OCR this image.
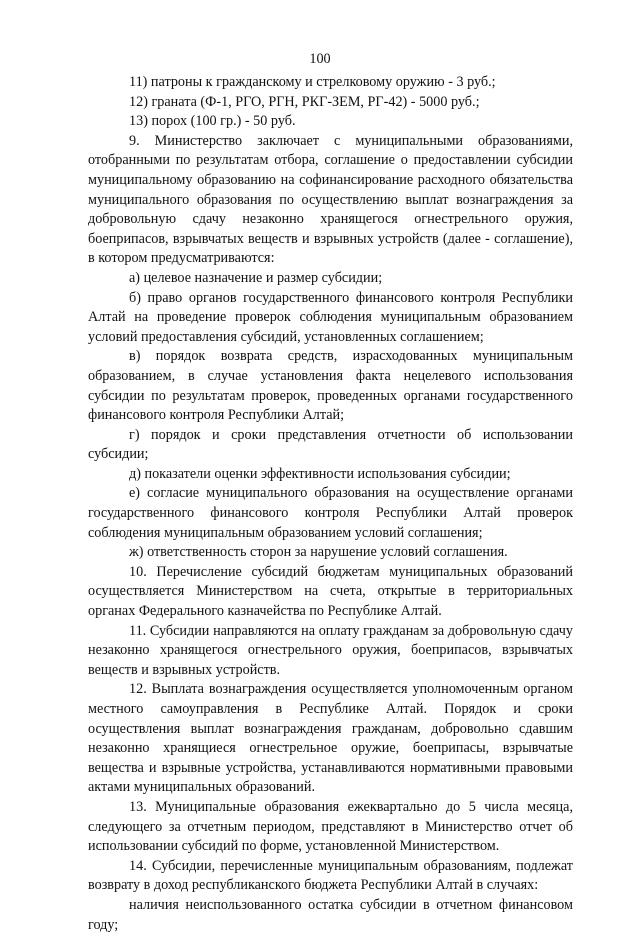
100

11) патроны к гражданскому и стрелковому оружию - 3 руб.;

12) граната (Ф-1, РГО, РГН, РКГ-ЗЕМ, РГ-42) - 5000 руб.;

13) порох (100 гр.) - 50 руб.

9. Министерство заключает с муниципальными образованиями, отобранными по результатам отбора, соглашение о предоставлении субсидии муниципальному образованию на софинансирование расходного обязательства муниципального образования по осуществлению выплат вознаграждения за добровольную сдачу незаконно хранящегося огнестрельного оружия, боеприпасов, взрывчатых веществ и взрывных устройств (далее - соглашение), в котором предусматриваются:

а) целевое назначение и размер субсидии;

б) право органов государственного финансового контроля Республики Алтай на проведение проверок соблюдения муниципальным образованием условий предоставления субсидий, установленных соглашением;

в) порядок возврата средств, израсходованных муниципальным образованием, в случае установления факта нецелевого использования субсидии по результатам проверок, проведенных органами государственного финансового контроля Республики Алтай;

г) порядок и сроки представления отчетности об использовании субсидии;

д) показатели оценки эффективности использования субсидии;

е) согласие муниципального образования на осуществление органами государственного финансового контроля Республики Алтай проверок соблюдения муниципальным образованием условий соглашения;

ж) ответственность сторон за нарушение условий соглашения.

10. Перечисление субсидий бюджетам муниципальных образований осуществляется Министерством на счета, открытые в территориальных органах Федерального казначейства по Республике Алтай.

11. Субсидии направляются на оплату гражданам за добровольную сдачу незаконно хранящегося огнестрельного оружия, боеприпасов, взрывчатых веществ и взрывных устройств.

12. Выплата вознаграждения осуществляется уполномоченным органом местного самоуправления в Республике Алтай. Порядок и сроки осуществления выплат вознаграждения гражданам, добровольно сдавшим незаконно хранящиеся огнестрельное оружие, боеприпасы, взрывчатые вещества и взрывные устройства, устанавливаются нормативными правовыми актами муниципальных образований.

13. Муниципальные образования ежеквартально до 5 числа месяца, следующего за отчетным периодом, представляют в Министерство отчет об использовании субсидий по форме, установленной Министерством.

14. Субсидии, перечисленные муниципальным образованиям, подлежат возврату в доход республиканского бюджета Республики Алтай в случаях:

наличия неиспользованного остатка субсидии в отчетном финансовом году;
